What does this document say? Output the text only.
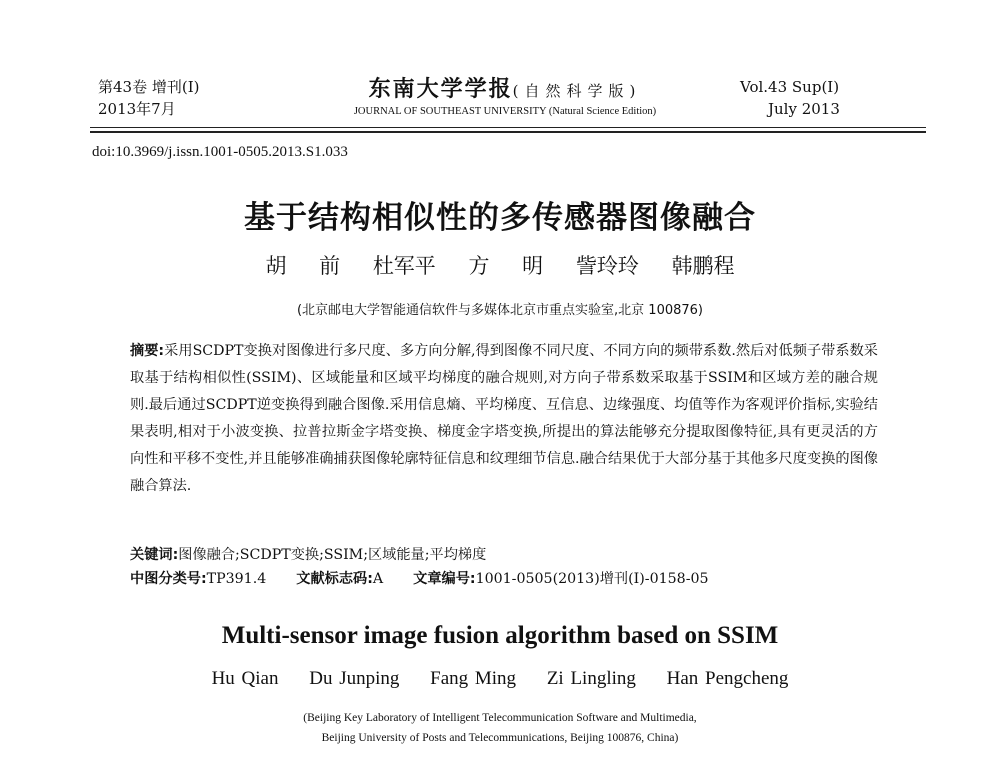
第43卷 增刊(I)
2013年7月
东南大学学报(自然科学版)
JOURNAL OF SOUTHEAST UNIVERSITY (Natural Science Edition)
Vol.43 Sup(I)
July 2013
doi:10.3969/j.issn.1001-0505.2013.S1.033
基于结构相似性的多传感器图像融合
胡 前 杜军平 方 明 訾玲玲 韩鹏程
(北京邮电大学智能通信软件与多媒体北京市重点实验室,北京 100876)
摘要:采用SCDPT变换对图像进行多尺度、多方向分解,得到图像不同尺度、不同方向的频带系数.然后对低频子带系数采取基于结构相似性(SSIM)、区域能量和区域平均梯度的融合规则,对方向子带系数采取基于SSIM和区域方差的融合规则.最后通过SCDPT逆变换得到融合图像.采用信息熵、平均梯度、互信息、边缘强度、均值等作为客观评价指标,实验结果表明,相对于小波变换、拉普拉斯金字塔变换、梯度金字塔变换,所提出的算法能够充分提取图像特征,具有更灵活的方向性和平移不变性,并且能够准确捕获图像轮廓特征信息和纹理细节信息.融合结果优于大部分基于其他多尺度变换的图像融合算法.
关键词:图像融合;SCDPT变换;SSIM;区域能量;平均梯度
中图分类号:TP391.4 文献标志码:A 文章编号:1001-0505(2013)增刊(I)-0158-05
Multi-sensor image fusion algorithm based on SSIM
Hu Qian Du Junping Fang Ming Zi Lingling Han Pengcheng
(Beijing Key Laboratory of Intelligent Telecommunication Software and Multimedia,
Beijing University of Posts and Telecommunications, Beijing 100876, China)
